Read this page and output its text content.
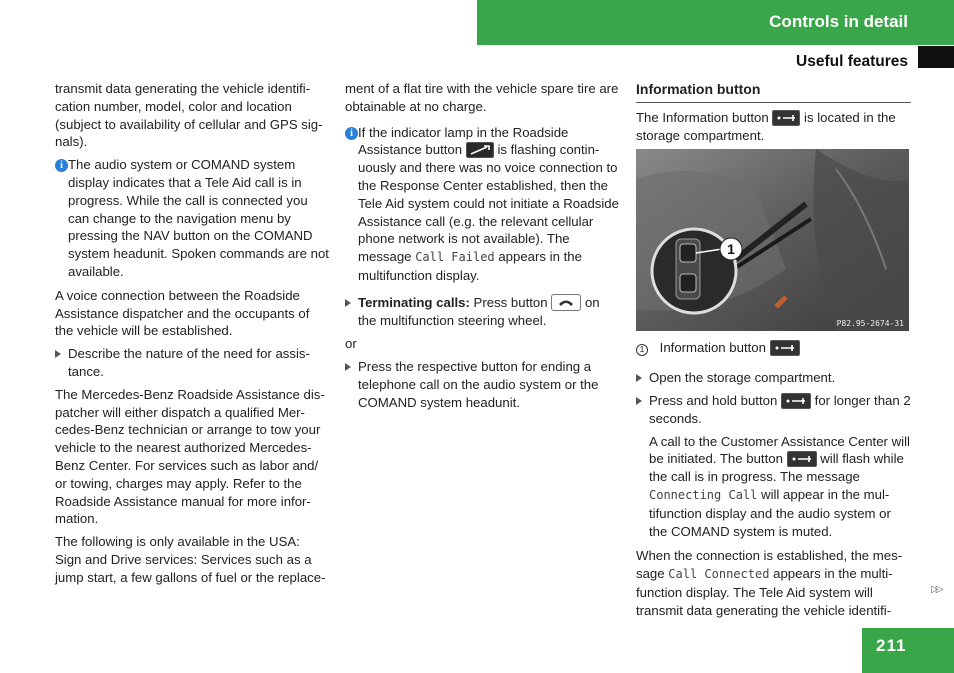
Controls in detail
Useful features

transmit data generating the vehicle identifi-cation number, model, color and location (subject to availability of cellular and GPS sig-nals).

i The audio system or COMAND system display indicates that a Tele Aid call is in progress. While the call is connected you can change to the navigation menu by pressing the NAV button on the COMAND system headunit. Spoken commands are not available.

A voice connection between the Roadside Assistance dispatcher and the occupants of the vehicle will be established.

Describe the nature of the need for assis-tance.

The Mercedes-Benz Roadside Assistance dis-patcher will either dispatch a qualified Mer-cedes-Benz technician or arrange to tow your vehicle to the nearest authorized Mercedes-Benz Center. For services such as labor and/ or towing, charges may apply. Refer to the Roadside Assistance manual for more infor-mation.

The following is only available in the USA: Sign and Drive services: Services such as a jump start, a few gallons of fuel or the replace-

ment of a flat tire with the vehicle spare tire are obtainable at no charge.

i If the indicator lamp in the Roadside Assistance button	is flashing contin-uously and there was no voice connection to the Response Center established, then the Tele Aid system could not initiate a Roadside Assistance call (e.g. the relevant cellular phone network is not available). The message Call Failed appears in the multifunction display.
Terminating calls: Press button	on the multifunction steering wheel.

or

Press the respective button for ending a telephone call on the audio system or the COMAND system headunit.
Information button

The Information button	is located in the storage compartment.

1
P82.95-2674-31

1 Information button

Open the storage compartment.
Press and hold button	for longer than 2 seconds.

A call to the Customer Assistance Center will be initiated. The button	will flash while the call is in progress. The message Connecting Call will appear in the mul-tifunction display and the audio system or the COMAND system is muted.

When the connection is established, the mes-sage Call Connected appears in the multi-function display. The Tele Aid system will transmit data generating the vehicle identifi-

▷▷
211
